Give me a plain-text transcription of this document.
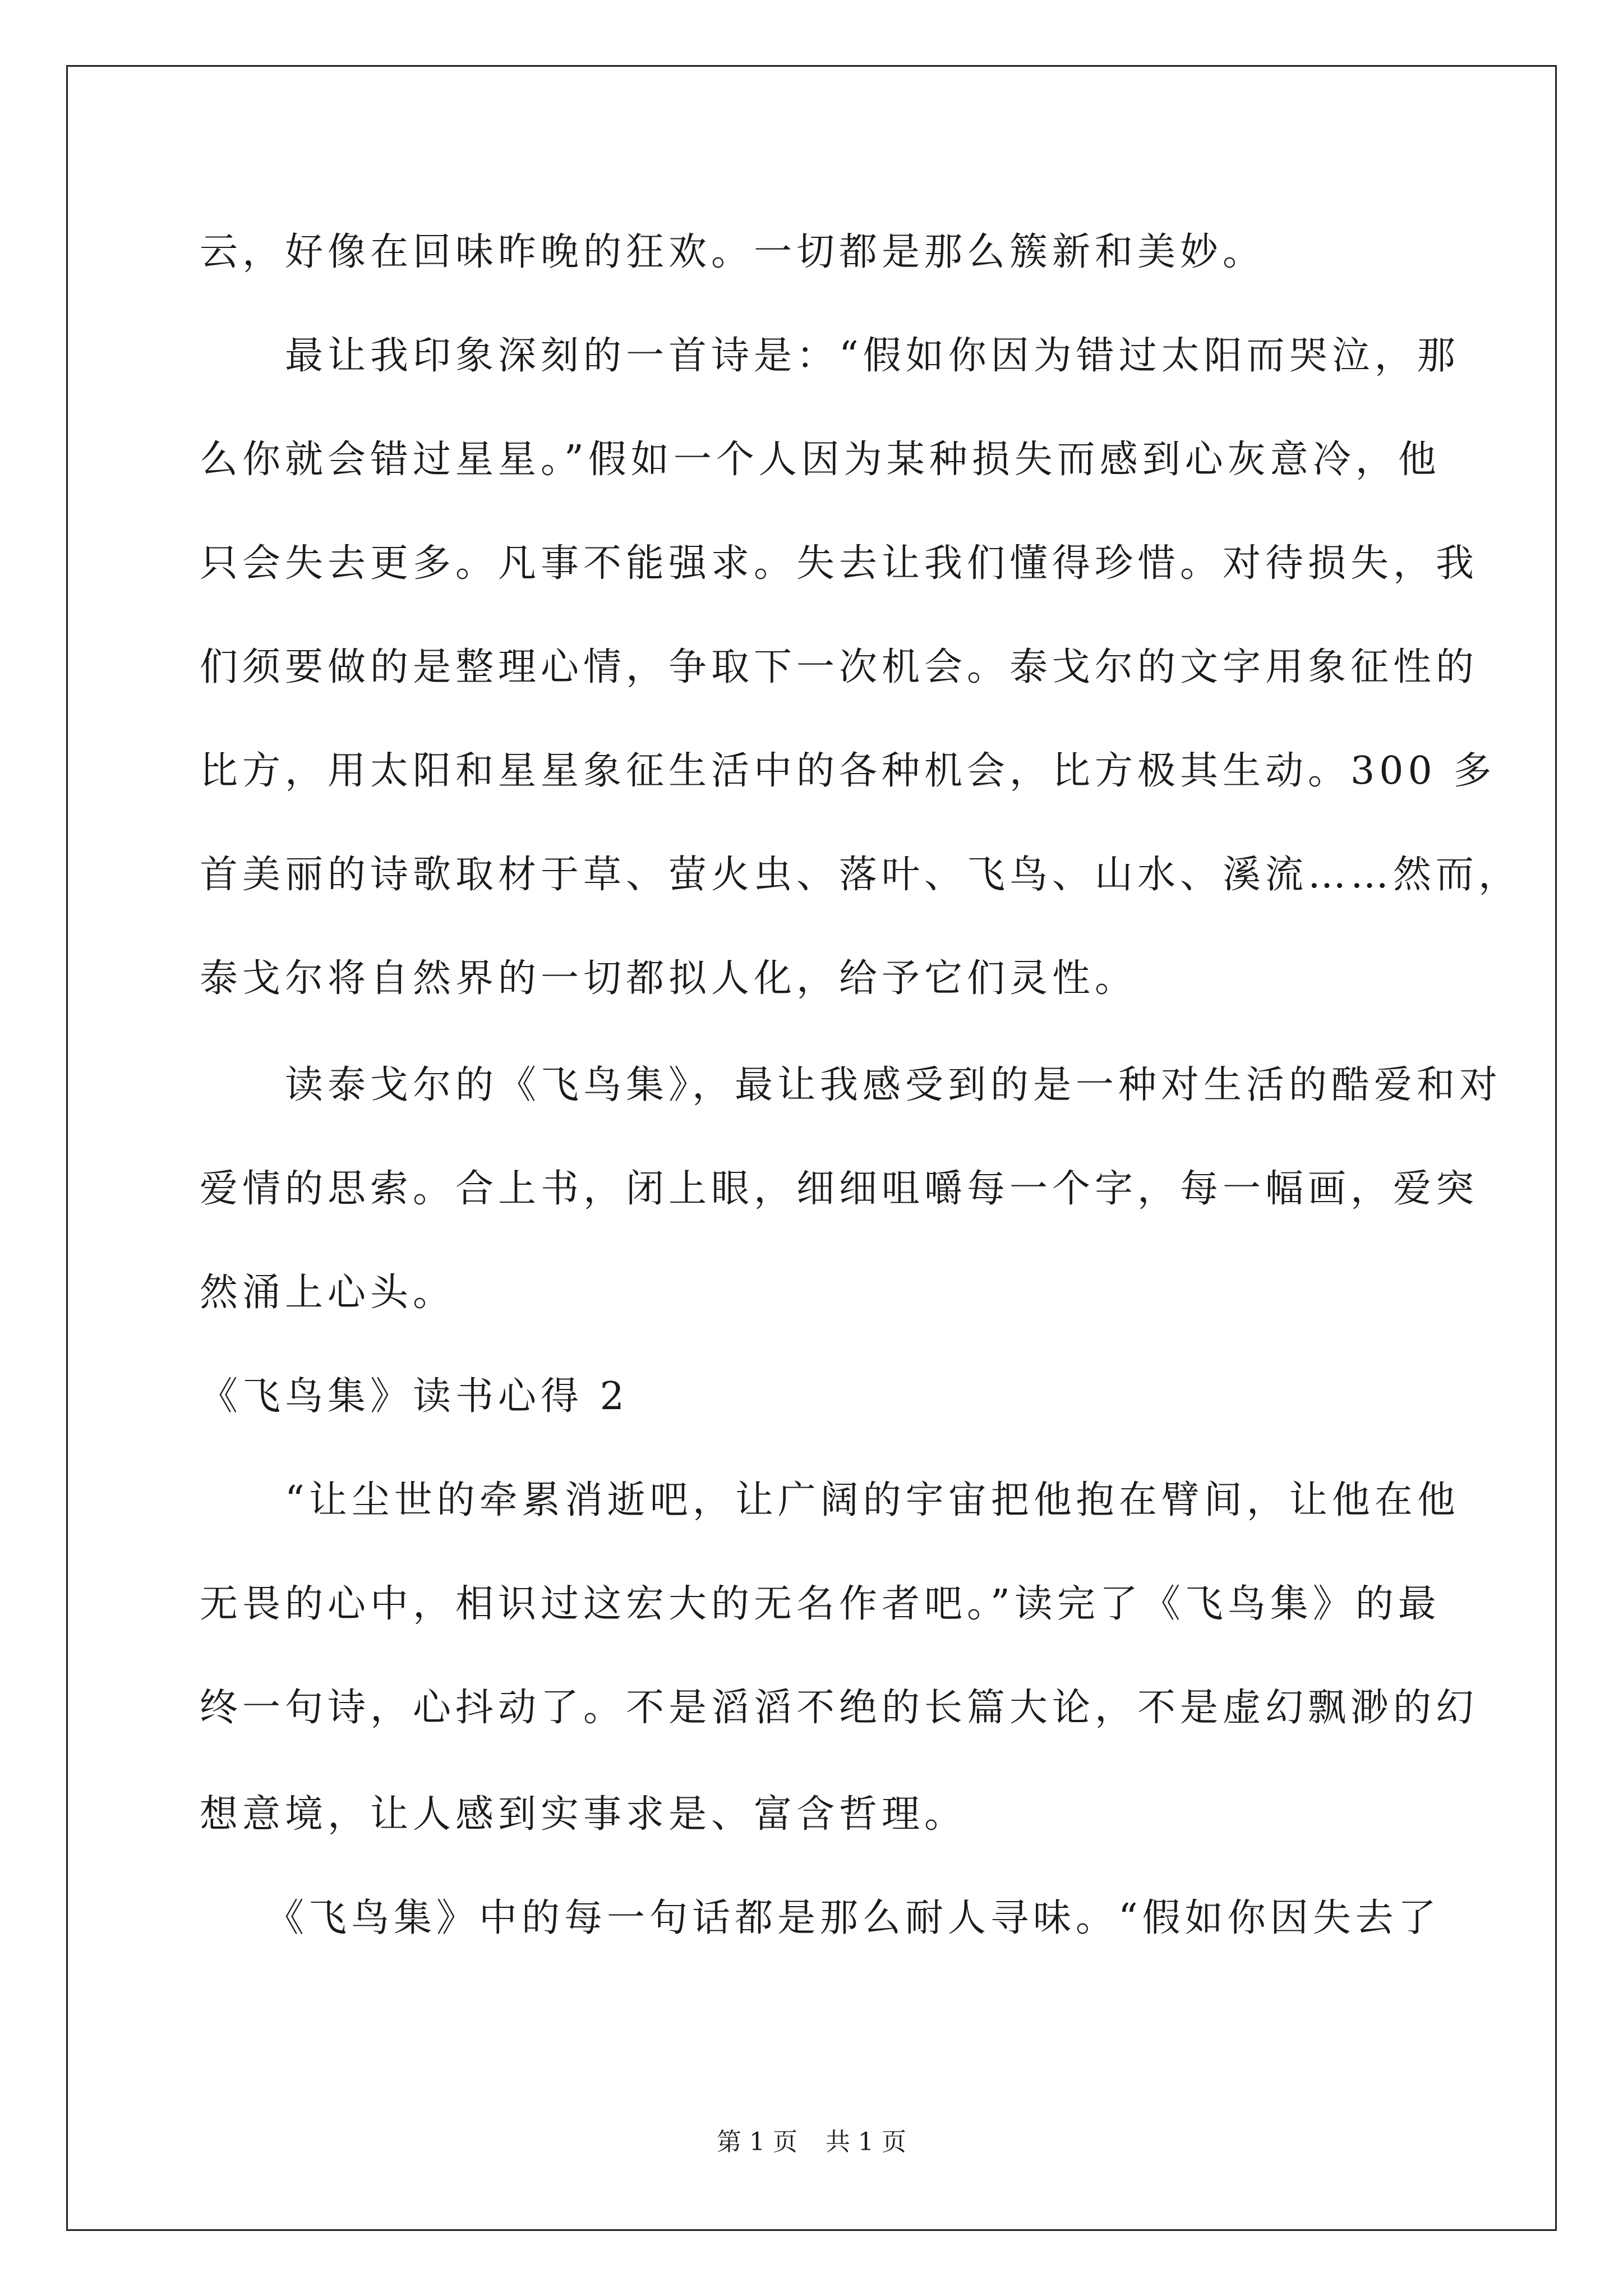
云，好像在回味昨晚的狂欢。一切都是那么簇新和美妙。
　　最让我印象深刻的一首诗是：“假如你因为错过太阳而哭泣，那
么你就会错过星星。”假如一个人因为某种损失而感到心灰意冷，他
只会失去更多。凡事不能强求。失去让我们懂得珍惜。对待损失，我
们须要做的是整理心情，争取下一次机会。泰戈尔的文字用象征性的
比方，用太阳和星星象征生活中的各种机会，比方极其生动。300 多
首美丽的诗歌取材于草、萤火虫、落叶、飞鸟、山水、溪流……然而，
泰戈尔将自然界的一切都拟人化，给予它们灵性。
　　读泰戈尔的《飞鸟集》，最让我感受到的是一种对生活的酷爱和对
爱情的思索。合上书，闭上眼，细细咀嚼每一个字，每一幅画，爱突
然涌上心头。
《飞鸟集》读书心得 2
　　“让尘世的牵累消逝吧，让广阔的宇宙把他抱在臂间，让他在他
无畏的心中，相识过这宏大的无名作者吧。”读完了《飞鸟集》的最
终一句诗，心抖动了。不是滔滔不绝的长篇大论，不是虚幻飘渺的幻
想意境，让人感到实事求是、富含哲理。
　　《飞鸟集》中的每一句话都是那么耐人寻味。“假如你因失去了
第 1 页 共 1 页
